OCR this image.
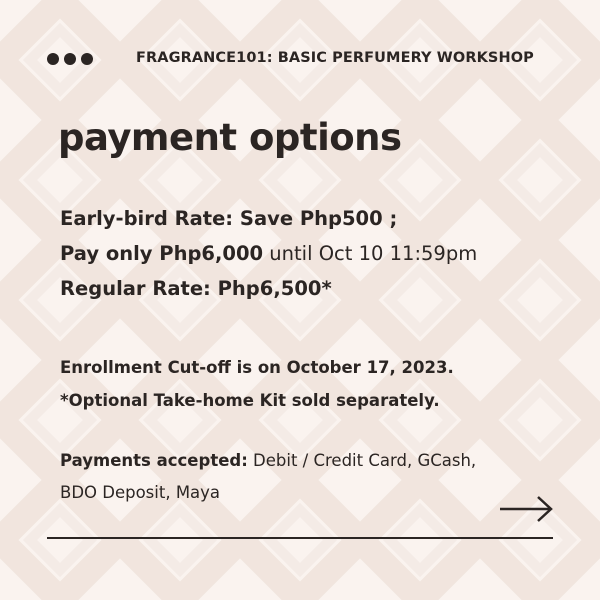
FRAGRANCE101: BASIC PERFUMERY WORKSHOP
payment options
Early-bird Rate: Save Php500 ;
Pay only Php6,000 until Oct 10 11:59pm
Regular Rate: Php6,500*
Enrollment Cut-off is on October 17, 2023.
*Optional Take-home Kit sold separately.
Payments accepted: Debit / Credit Card, GCash,
BDO Deposit, Maya
